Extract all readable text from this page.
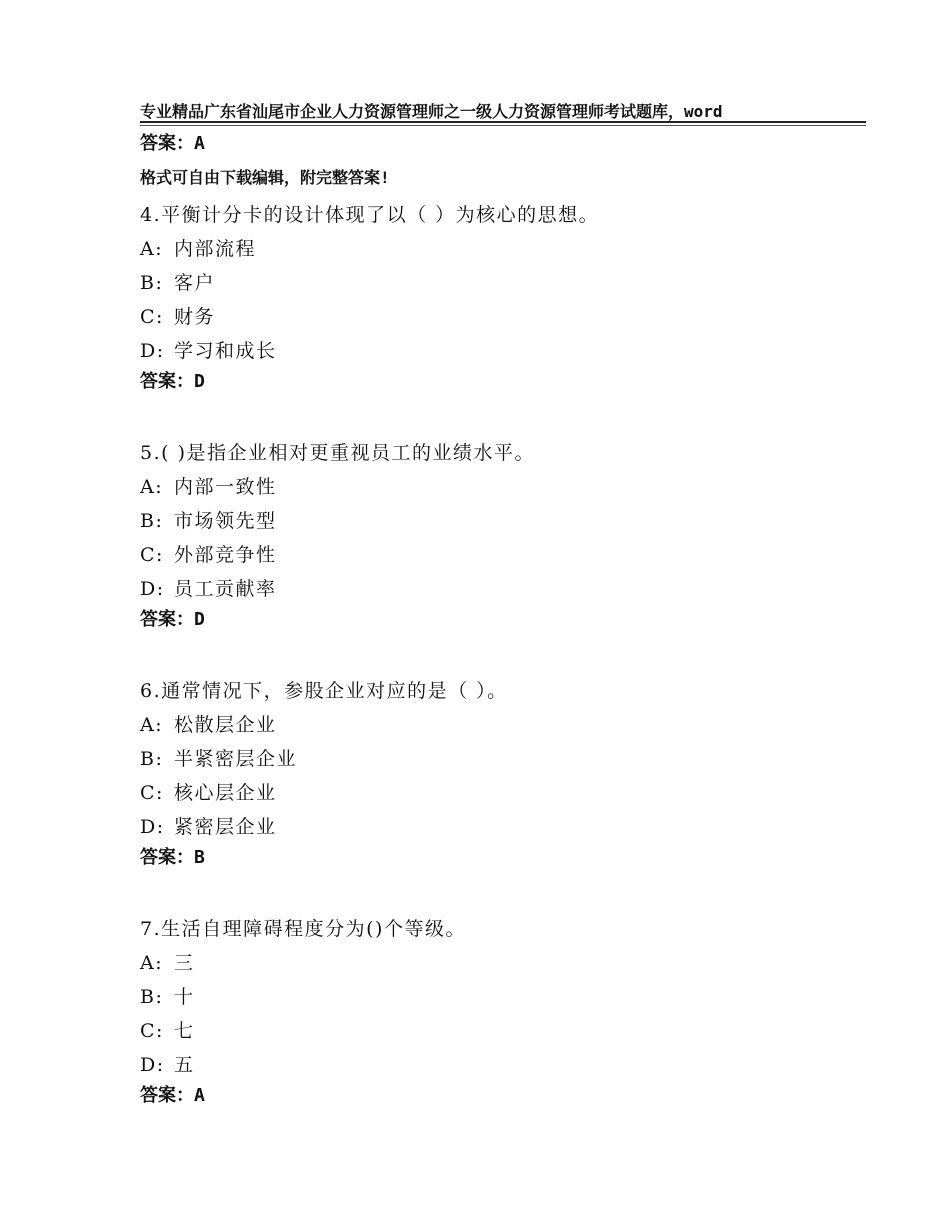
专业精品广东省汕尾市企业人力资源管理师之一级人力资源管理师考试题库，word

格式可自由下载编辑，附完整答案!

答案：A
4.平衡计分卡的设计体现了以（ ）为核心的思想。
A: 内部流程
B: 客户
C: 财务
D: 学习和成长
答案：D
5.( )是指企业相对更重视员工的业绩水平。
A: 内部一致性
B: 市场领先型
C: 外部竞争性
D: 员工贡献率
答案：D
6.通常情况下，参股企业对应的是（ ）。
A: 松散层企业
B: 半紧密层企业
C: 核心层企业
D: 紧密层企业
答案：B
7.生活自理障碍程度分为()个等级。
A: 三
B: 十
C: 七
D: 五
答案：A
